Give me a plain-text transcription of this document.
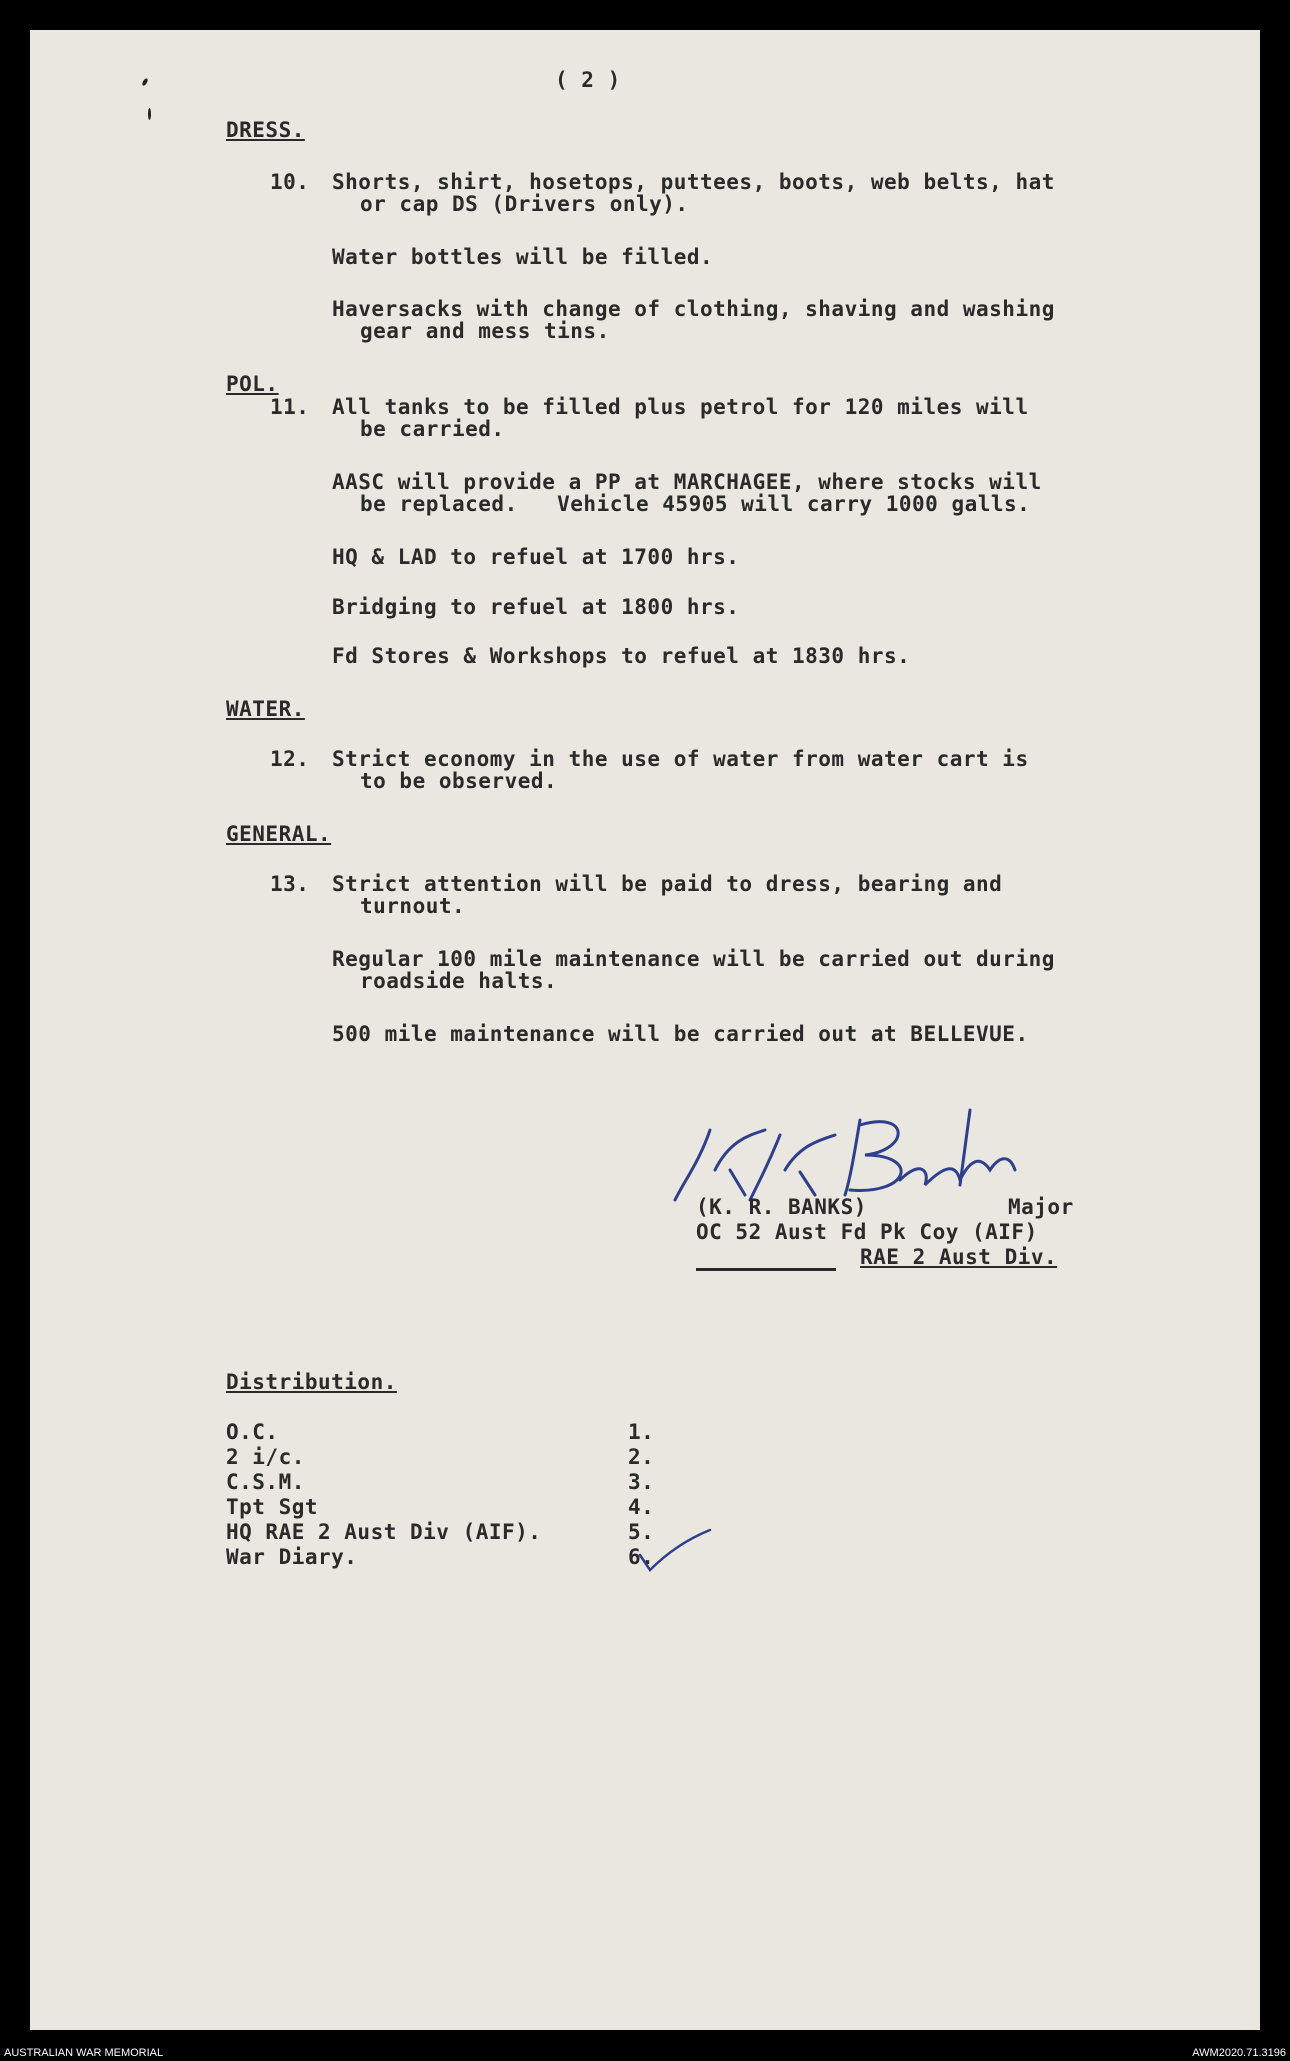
( 2 )
DRESS.
10. Shorts, shirt, hosetops, puttees, boots, web belts, hat
or cap DS (Drivers only).
Water bottles will be filled.
Haversacks with change of clothing, shaving and washing
gear and mess tins.
POL.
11. All tanks to be filled plus petrol for 120 miles will
be carried.
AASC will provide a PP at MARCHAGEE, where stocks will
be replaced.   Vehicle 45905 will carry 1000 galls.
HQ & LAD to refuel at 1700 hrs.
Bridging to refuel at 1800 hrs.
Fd Stores & Workshops to refuel at 1830 hrs.
WATER.
12. Strict economy in the use of water from water cart is
to be observed.
GENERAL.
13. Strict attention will be paid to dress, bearing and
turnout.
Regular 100 mile maintenance will be carried out during
roadside halts.
500 mile maintenance will be carried out at BELLEVUE.
(K. R. BANKS)	Major
OC 52 Aust Fd Pk Coy (AIF)
RAE 2 Aust Div.
Distribution.
O.C.	1.
2 i/c.	2.
C.S.M.	3.
Tpt Sgt	4.
HQ RAE 2 Aust Div (AIF).	5.
War Diary.	6.
AUSTRALIAN WAR MEMORIAL	AWM2020.71.3196
